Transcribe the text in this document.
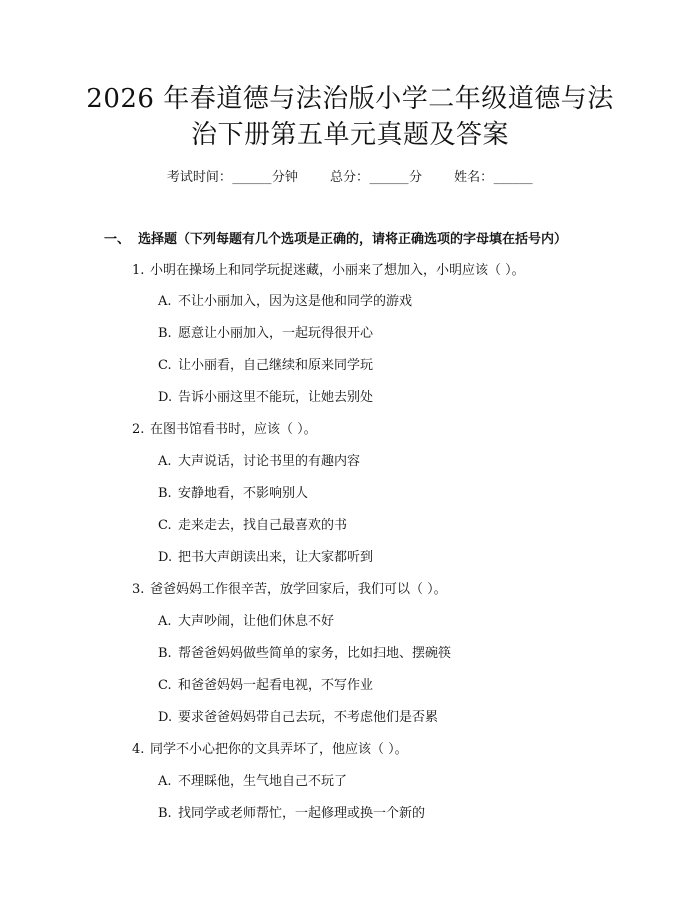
2026 年春道德与法治版小学二年级道德与法
治下册第五单元真题及答案
考试时间：______分钟 总分：______分 姓名：______
一、 选择题（下列每题有几个选项是正确的，请将正确选项的字母填在括号内）
1. 小明在操场上和同学玩捉迷藏，小丽来了想加入，小明应该（ ）。
A. 不让小丽加入，因为这是他和同学的游戏
B. 愿意让小丽加入，一起玩得很开心
C. 让小丽看，自己继续和原来同学玩
D. 告诉小丽这里不能玩，让她去别处
2. 在图书馆看书时，应该（ ）。
A. 大声说话，讨论书里的有趣内容
B. 安静地看，不影响别人
C. 走来走去，找自己最喜欢的书
D. 把书大声朗读出来，让大家都听到
3. 爸爸妈妈工作很辛苦，放学回家后，我们可以（ ）。
A. 大声吵闹，让他们休息不好
B. 帮爸爸妈妈做些简单的家务，比如扫地、摆碗筷
C. 和爸爸妈妈一起看电视，不写作业
D. 要求爸爸妈妈带自己去玩，不考虑他们是否累
4. 同学不小心把你的文具弄坏了，他应该（ ）。
A. 不理睬他，生气地自己不玩了
B. 找同学或老师帮忙，一起修理或换一个新的
